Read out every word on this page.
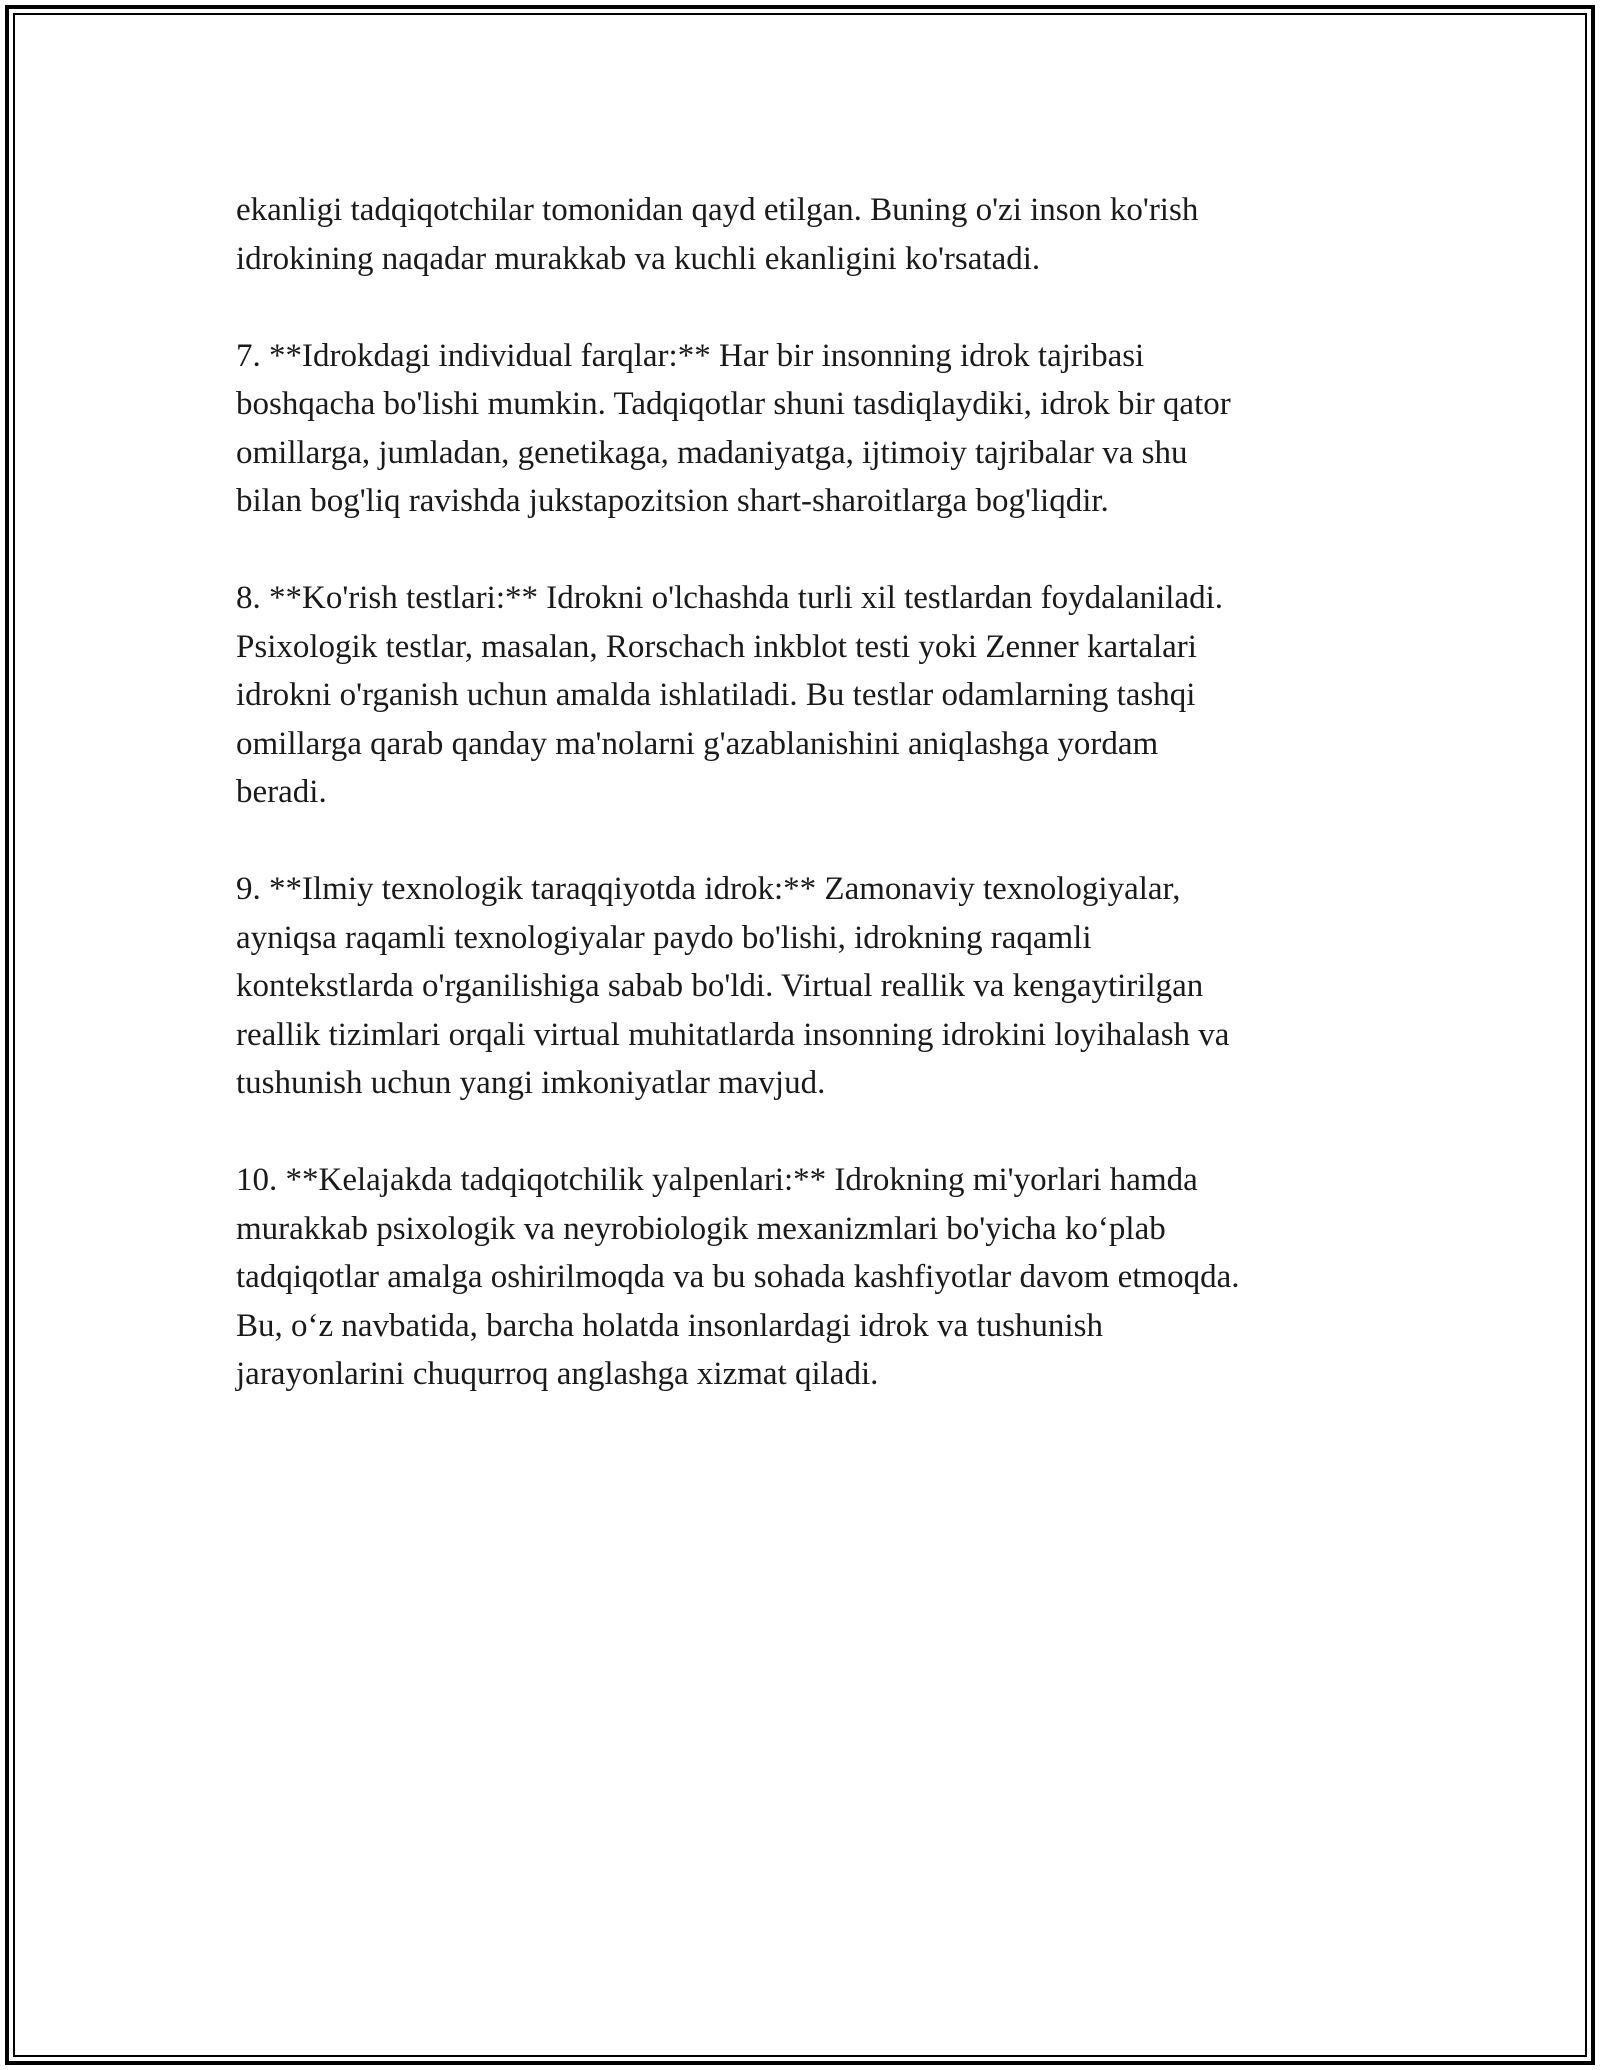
ekanligi tadqiqotchilar tomonidan qayd etilgan. Buning o'zi inson ko'rish
idrokining naqadar murakkab va kuchli ekanligini ko'rsatadi.

7. **Idrokdagi individual farqlar:** Har bir insonning idrok tajribasi
boshqacha bo'lishi mumkin. Tadqiqotlar shuni tasdiqlaydiki, idrok bir qator
omillarga, jumladan, genetikaga, madaniyatga, ijtimoiy tajribalar va shu
bilan bog'liq ravishda jukstapozitsion shart-sharoitlarga bog'liqdir.

8. **Ko'rish testlari:** Idrokni o'lchashda turli xil testlardan foydalaniladi.
Psixologik testlar, masalan, Rorschach inkblot testi yoki Zenner kartalari
idrokni o'rganish uchun amalda ishlatiladi. Bu testlar odamlarning tashqi
omillarga qarab qanday ma'nolarni g'azablanishini aniqlashga yordam
beradi.

9. **Ilmiy texnologik taraqqiyotda idrok:** Zamonaviy texnologiyalar,
ayniqsa raqamli texnologiyalar paydo bo'lishi, idrokning raqamli
kontekstlarda o'rganilishiga sabab bo'ldi. Virtual reallik va kengaytirilgan
reallik tizimlari orqali virtual muhitatlarda insonning idrokini loyihalash va
tushunish uchun yangi imkoniyatlar mavjud.

10. **Kelajakda tadqiqotchilik yalpenlari:** Idrokning mi'yorlari hamda
murakkab psixologik va neyrobiologik mexanizmlari bo'yicha ko‘plab
tadqiqotlar amalga oshirilmoqda va bu sohada kashfiyotlar davom etmoqda.
Bu, o‘z navbatida, barcha holatda insonlardagi idrok va tushunish
jarayonlarini chuqurroq anglashga xizmat qiladi.
